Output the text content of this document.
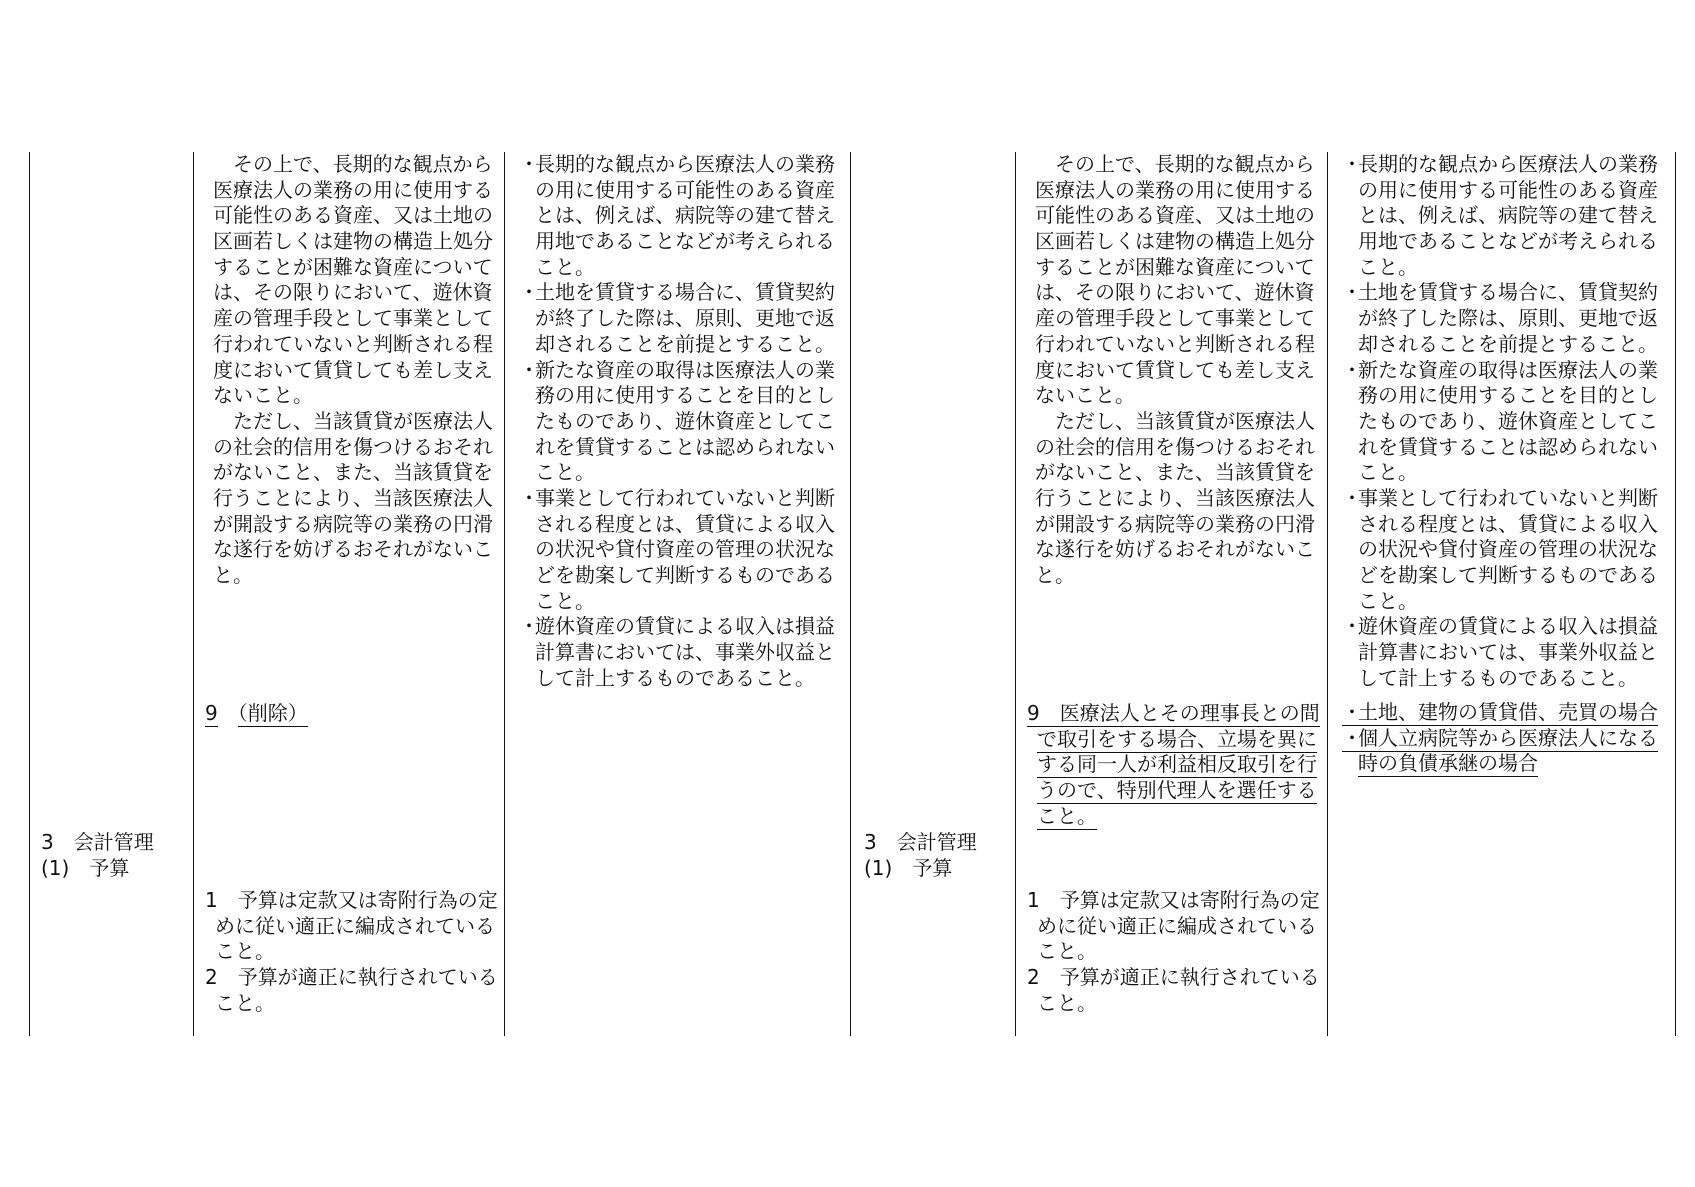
3　会計管理
(1)　予算
　その上で、長期的な観点から
医療法人の業務の用に使用する
可能性のある資産、又は土地の
区画若しくは建物の構造上処分
することが困難な資産について
は、その限りにおいて、遊休資
産の管理手段として事業として
行われていないと判断される程
度において賃貸しても差し支え
ないこと。
　ただし、当該賃貸が医療法人
の社会的信用を傷つけるおそれ
がないこと、また、当該賃貸を
行うことにより、当該医療法人
が開設する病院等の業務の円滑
な遂行を妨げるおそれがないこ
と。
9　 （削除）
1　予算は定款又は寄附行為の定
めに従い適正に編成されている
こと。
2　予算が適正に執行されている
こと。
・長期的な観点から医療法人の業務
の用に使用する可能性のある資産
とは、例えば、病院等の建て替え
用地であることなどが考えられる
こと。
・土地を賃貸する場合に、賃貸契約
が終了した際は、原則、更地で返
却されることを前提とすること。
・新たな資産の取得は医療法人の業
務の用に使用することを目的とし
たものであり、遊休資産としてこ
れを賃貸することは認められない
こと。
・事業として行われていないと判断
される程度とは、賃貸による収入
の状況や貸付資産の管理の状況な
どを勘案して判断するものである
こと。
・遊休資産の賃貸による収入は損益
計算書においては、事業外収益と
して計上するものであること。
3　会計管理
(1)　予算
　その上で、長期的な観点から
医療法人の業務の用に使用する
可能性のある資産、又は土地の
区画若しくは建物の構造上処分
することが困難な資産について
は、その限りにおいて、遊休資
産の管理手段として事業として
行われていないと判断される程
度において賃貸しても差し支え
ないこと。
　ただし、当該賃貸が医療法人
の社会的信用を傷つけるおそれ
がないこと、また、当該賃貸を
行うことにより、当該医療法人
が開設する病院等の業務の円滑
な遂行を妨げるおそれがないこ
と。
9　医療法人とその理事長との間
で取引をする場合、立場を異に
する同一人が利益相反取引を行
うので、特別代理人を選任する
こと。
1　予算は定款又は寄附行為の定
めに従い適正に編成されている
こと。
2　予算が適正に執行されている
こと。
・長期的な観点から医療法人の業務
の用に使用する可能性のある資産
とは、例えば、病院等の建て替え
用地であることなどが考えられる
こと。
・土地を賃貸する場合に、賃貸契約
が終了した際は、原則、更地で返
却されることを前提とすること。
・新たな資産の取得は医療法人の業
務の用に使用することを目的とし
たものであり、遊休資産としてこ
れを賃貸することは認められない
こと。
・事業として行われていないと判断
される程度とは、賃貸による収入
の状況や貸付資産の管理の状況な
どを勘案して判断するものである
こと。
・遊休資産の賃貸による収入は損益
計算書においては、事業外収益と
して計上するものであること。
・土地、建物の賃貸借、売買の場合
・個人立病院等から医療法人になる
時の負債承継の場合
